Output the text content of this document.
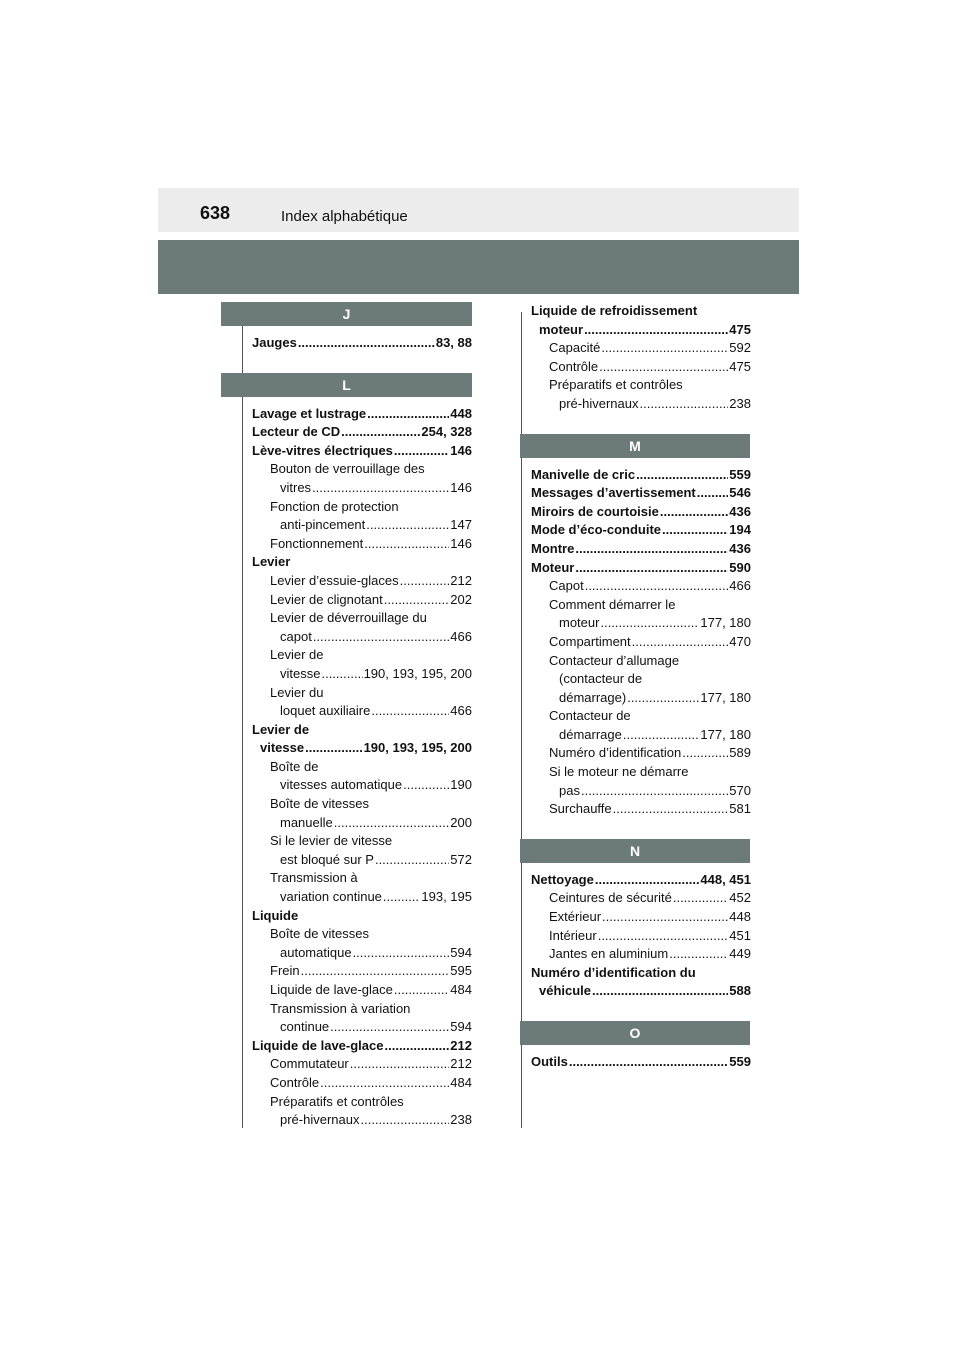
638	Index alphabétique
J
Jauges .....	83, 88
L
Lavage et lustrage .....	448
Lecteur de CD .....	254, 328
Lève-vitres électriques .....	146
Bouton de verrouillage des
vitres .....	146
Fonction de protection
anti-pincement .....	147
Fonctionnement .....	146
Levier
Levier d’essuie-glaces .....	212
Levier de clignotant .....	202
Levier de déverrouillage du
capot .....	466
Levier de
vitesse .....	190, 193, 195, 200
Levier du
loquet auxiliaire .....	466
Levier de
vitesse .....	190, 193, 195, 200
Boîte de
vitesses automatique .....	190
Boîte de vitesses
manuelle .....	200
Si le levier de vitesse
est bloqué sur P .....	572
Transmission à
variation continue .....	193, 195
Liquide
Boîte de vitesses
automatique .....	594
Frein .....	595
Liquide de lave-glace .....	484
Transmission à variation
continue .....	594
Liquide de lave-glace .....	212
Commutateur .....	212
Contrôle .....	484
Préparatifs et contrôles
pré-hivernaux .....	238
Liquide de refroidissement
moteur .....	475
Capacité .....	592
Contrôle .....	475
Préparatifs et contrôles
pré-hivernaux .....	238
M
Manivelle de cric .....	559
Messages d’avertissement .....	546
Miroirs de courtoisie .....	436
Mode d’éco-conduite .....	194
Montre .....	436
Moteur .....	590
Capot .....	466
Comment démarrer le
moteur .....	177, 180
Compartiment .....	470
Contacteur d’allumage
(contacteur de
démarrage) .....	177, 180
Contacteur de
démarrage .....	177, 180
Numéro d’identification .....	589
Si le moteur ne démarre
pas .....	570
Surchauffe .....	581
N
Nettoyage .....	448, 451
Ceintures de sécurité .....	452
Extérieur .....	448
Intérieur .....	451
Jantes en aluminium .....	449
Numéro d’identification du
véhicule .....	588
O
Outils .....	559
